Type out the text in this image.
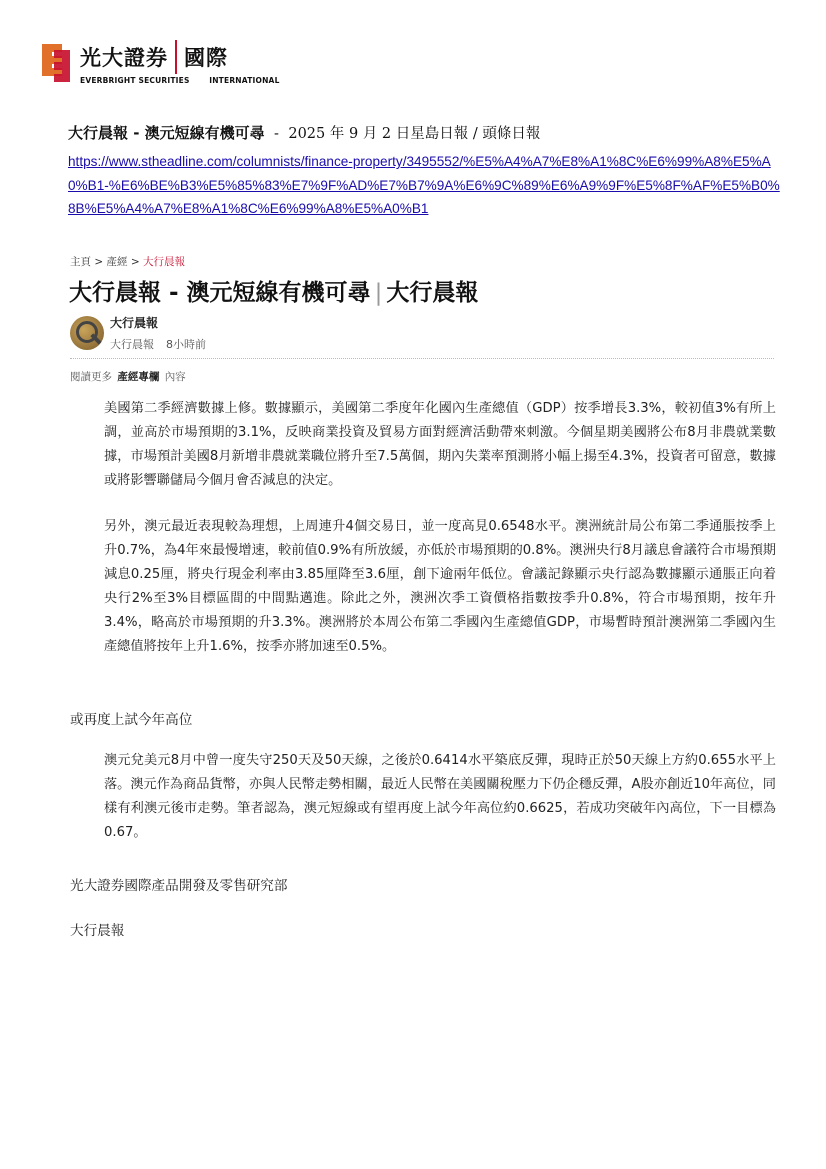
光大證券 國際
EVERBRIGHT SECURITIES	INTERNATIONAL
大行晨報 - 澳元短線有機可尋  -  2025 年 9 月 2 日星島日報 / 頭條日報
https://www.stheadline.com/columnists/finance-property/3495552/%E5%A4%A7%E8%A1%8C%E6%99%A8%E5%A0%B1-%E6%BE%B3%E5%85%83%E7%9F%AD%E7%B7%9A%E6%9C%89%E6%A9%9F%E5%8F%AF%E5%B0%8B%E5%A4%A7%E8%A1%8C%E6%99%A8%E5%A0%B1
主頁 > 產經 > 大行晨報
大行晨報 - 澳元短線有機可尋 | 大行晨報
大行晨報
大行晨報 8小時前
閱讀更多 產經專欄 內容
美國第二季經濟數據上修。數據顯示，美國第二季度年化國內生產總值（GDP）按季增長3.3%，較初值3%有所上調，並高於市場預期的3.1%，反映商業投資及貿易方面對經濟活動帶來刺激。今個星期美國將公布8月非農就業數據，市場預計美國8月新增非農就業職位將升至7.5萬個，期內失業率預測將小幅上揚至4.3%，投資者可留意，數據或將影響聯儲局今個月會否減息的決定。
另外，澳元最近表現較為理想，上周連升4個交易日，並一度高見0.6548水平。澳洲統計局公布第二季通脹按季上升0.7%，為4年來最慢增速，較前值0.9%有所放緩，亦低於市場預期的0.8%。澳洲央行8月議息會議符合市場預期減息0.25厘，將央行現金利率由3.85厘降至3.6厘，創下逾兩年低位。會議記錄顯示央行認為數據顯示通脹正向着央行2%至3%目標區間的中間點邁進。除此之外，澳洲次季工資價格指數按季升0.8%，符合市場預期，按年升3.4%，略高於市場預期的升3.3%。澳洲將於本周公布第二季國內生產總值GDP，市場暫時預計澳洲第二季國內生產總值將按年上升1.6%，按季亦將加速至0.5%。
或再度上試今年高位
澳元兌美元8月中曾一度失守250天及50天線，之後於0.6414水平築底反彈，現時正於50天線上方約0.655水平上落。澳元作為商品貨幣，亦與人民幣走勢相關，最近人民幣在美國關稅壓力下仍企穩反彈，A股亦創近10年高位，同樣有利澳元後市走勢。筆者認為，澳元短線或有望再度上試今年高位約0.6625，若成功突破年內高位，下一目標為0.67。
光大證券國際產品開發及零售研究部
大行晨報
